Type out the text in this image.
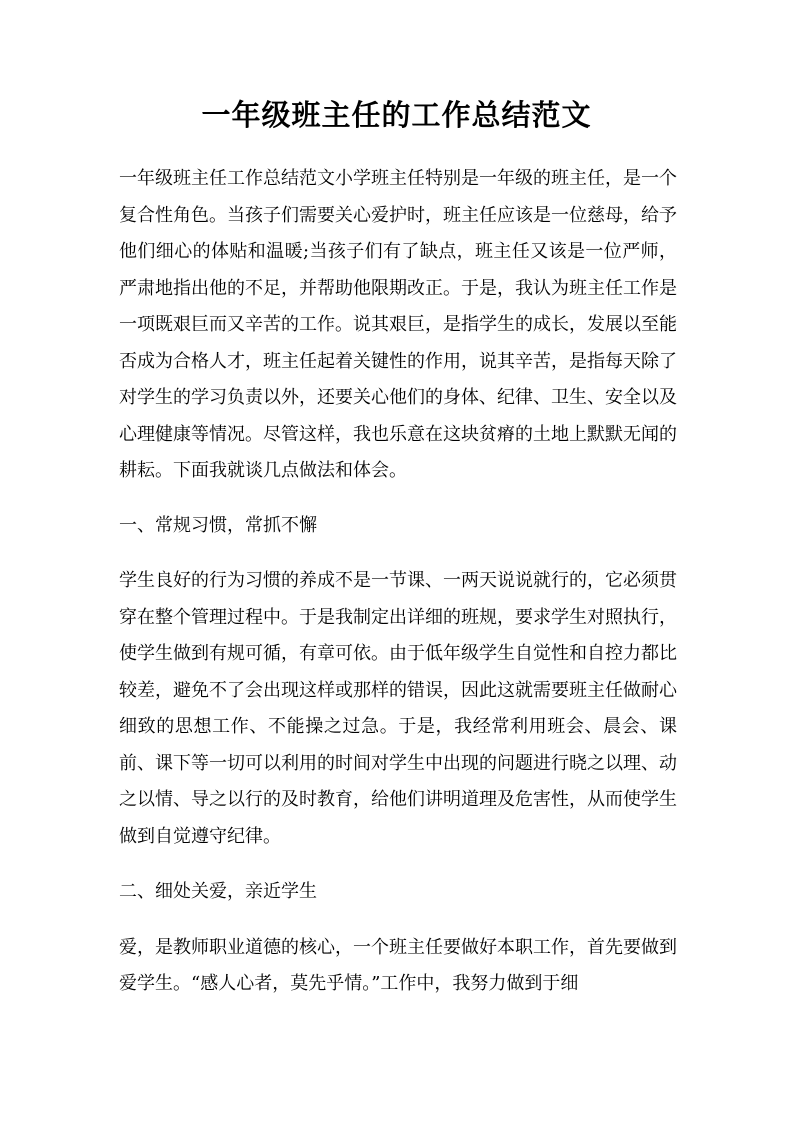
一年级班主任的工作总结范文

一年级班主任工作总结范文小学班主任特别是一年级的班主任，是一个复合性角色。当孩子们需要关心爱护时，班主任应该是一位慈母，给予他们细心的体贴和温暖;当孩子们有了缺点，班主任又该是一位严师，严肃地指出他的不足，并帮助他限期改正。于是，我认为班主任工作是一项既艰巨而又辛苦的工作。说其艰巨，是指学生的成长，发展以至能否成为合格人才，班主任起着关键性的作用，说其辛苦，是指每天除了对学生的学习负责以外，还要关心他们的身体、纪律、卫生、安全以及心理健康等情况。尽管这样，我也乐意在这块贫瘠的土地上默默无闻的耕耘。下面我就谈几点做法和体会。

一、常规习惯，常抓不懈

学生良好的行为习惯的养成不是一节课、一两天说说就行的，它必须贯穿在整个管理过程中。于是我制定出详细的班规，要求学生对照执行，使学生做到有规可循，有章可依。由于低年级学生自觉性和自控力都比较差，避免不了会出现这样或那样的错误，因此这就需要班主任做耐心细致的思想工作、不能操之过急。于是，我经常利用班会、晨会、课前、课下等一切可以利用的时间对学生中出现的问题进行晓之以理、动之以情、导之以行的及时教育，给他们讲明道理及危害性，从而使学生做到自觉遵守纪律。

二、细处关爱，亲近学生

爱，是教师职业道德的核心，一个班主任要做好本职工作，首先要做到爱学生。“感人心者，莫先乎情。”工作中，我努力做到于细
